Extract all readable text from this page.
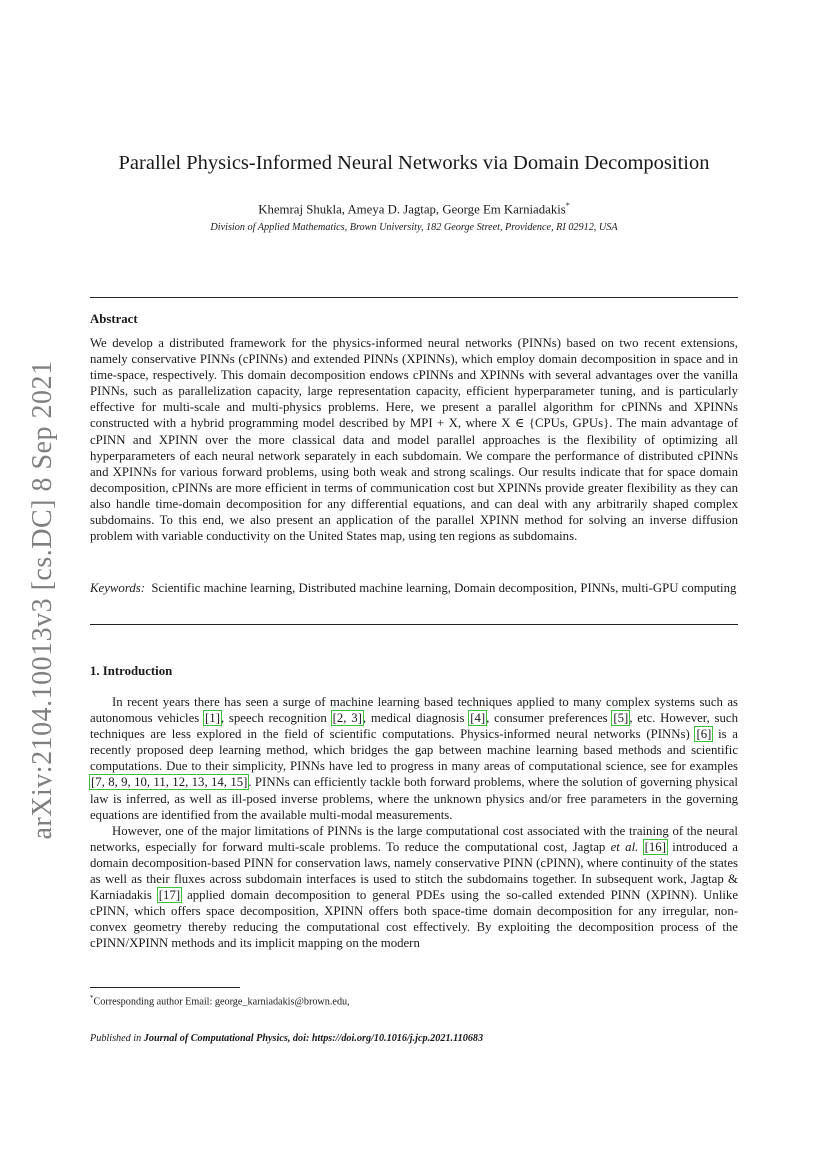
arXiv:2104.10013v3 [cs.DC] 8 Sep 2021
Parallel Physics-Informed Neural Networks via Domain Decomposition
Khemraj Shukla, Ameya D. Jagtap, George Em Karniadakis*
Division of Applied Mathematics, Brown University, 182 George Street, Providence, RI 02912, USA
Abstract
We develop a distributed framework for the physics-informed neural networks (PINNs) based on two recent extensions, namely conservative PINNs (cPINNs) and extended PINNs (XPINNs), which employ domain decomposition in space and in time-space, respectively. This domain decomposition endows cPINNs and XPINNs with several advantages over the vanilla PINNs, such as parallelization capacity, large representation capacity, efficient hyperparameter tuning, and is particularly effective for multi-scale and multi-physics problems. Here, we present a parallel algorithm for cPINNs and XPINNs constructed with a hybrid programming model described by MPI + X, where X ∈ {CPUs, GPUs}. The main advantage of cPINN and XPINN over the more classical data and model parallel approaches is the flexibility of optimizing all hyperparameters of each neural network separately in each subdomain. We compare the performance of distributed cPINNs and XPINNs for various forward problems, using both weak and strong scalings. Our results indicate that for space domain decomposition, cPINNs are more efficient in terms of communication cost but XPINNs provide greater flexibility as they can also handle time-domain decomposition for any differential equations, and can deal with any arbitrarily shaped complex subdomains. To this end, we also present an application of the parallel XPINN method for solving an inverse diffusion problem with variable conductivity on the United States map, using ten regions as subdomains.
Keywords: Scientific machine learning, Distributed machine learning, Domain decomposition, PINNs, multi-GPU computing
1. Introduction

In recent years there has seen a surge of machine learning based techniques applied to many complex systems such as autonomous vehicles [1], speech recognition [2, 3], medical diagnosis [4], consumer preferences [5], etc. However, such techniques are less explored in the field of scientific computations. Physics-informed neural networks (PINNs) [6] is a recently proposed deep learning method, which bridges the gap between machine learning based methods and scientific computations. Due to their simplicity, PINNs have led to progress in many areas of computational science, see for examples [7, 8, 9, 10, 11, 12, 13, 14, 15]. PINNs can efficiently tackle both forward problems, where the solution of governing physical law is inferred, as well as ill-posed inverse problems, where the unknown physics and/or free parameters in the governing equations are identified from the available multi-modal measurements.

However, one of the major limitations of PINNs is the large computational cost associated with the training of the neural networks, especially for forward multi-scale problems. To reduce the computational cost, Jagtap et al. [16] introduced a domain decomposition-based PINN for conservation laws, namely conservative PINN (cPINN), where continuity of the states as well as their fluxes across subdomain interfaces is used to stitch the subdomains together. In subsequent work, Jagtap & Karniadakis [17] applied domain decomposition to general PDEs using the so-called extended PINN (XPINN). Unlike cPINN, which offers space decomposition, XPINN offers both space-time domain decomposition for any irregular, non-convex geometry thereby reducing the computational cost effectively. By exploiting the decomposition process of the cPINN/XPINN methods and its implicit mapping on the modern

*Corresponding author Email: george_karniadakis@brown.edu,
Published in Journal of Computational Physics, doi: https://doi.org/10.1016/j.jcp.2021.110683
